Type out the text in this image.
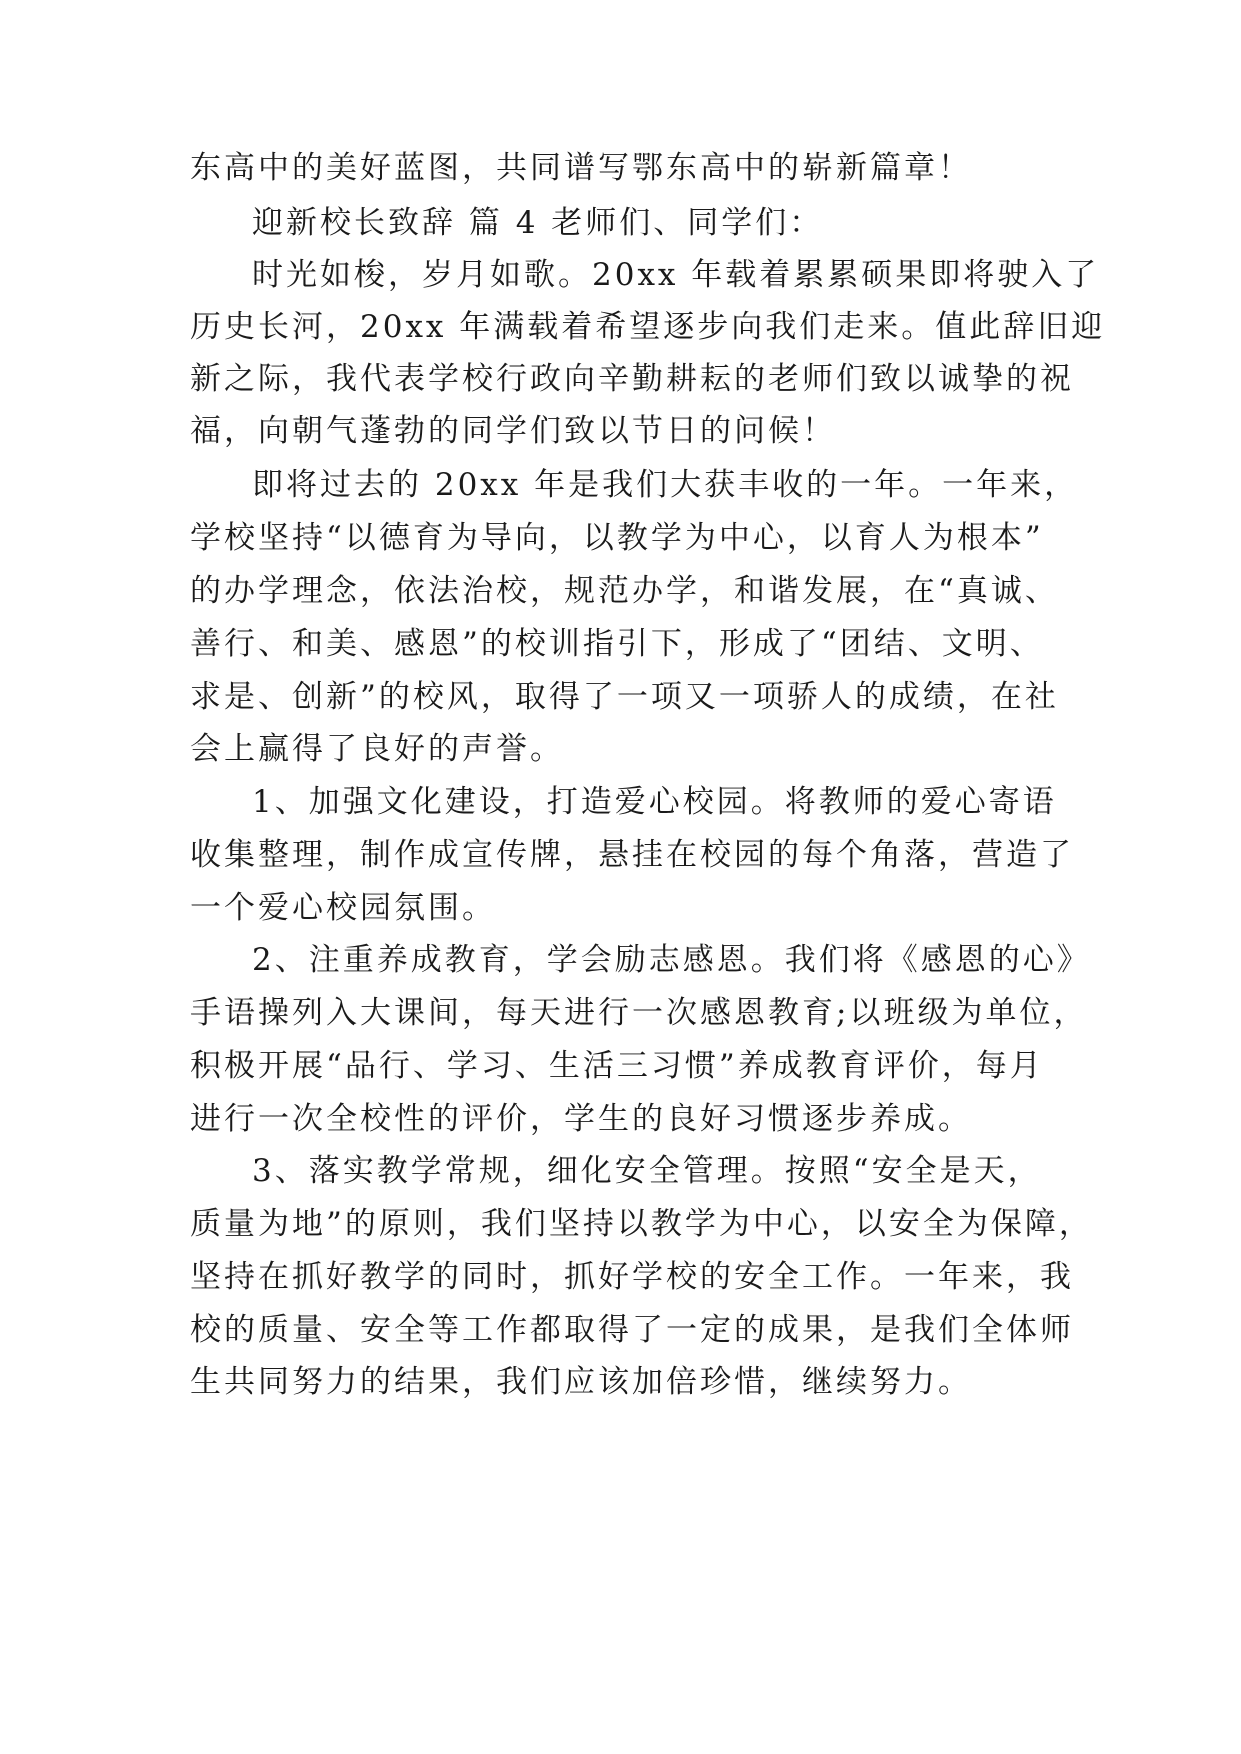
东高中的美好蓝图，共同谱写鄂东高中的崭新篇章！
迎新校长致辞 篇 4 老师们、同学们：
时光如梭，岁月如歌。20xx 年载着累累硕果即将驶入了
历史长河，20xx 年满载着希望逐步向我们走来。值此辞旧迎
新之际，我代表学校行政向辛勤耕耘的老师们致以诚挚的祝
福，向朝气蓬勃的同学们致以节日的问候！
即将过去的 20xx 年是我们大获丰收的一年。一年来，
学校坚持“以德育为导向，以教学为中心，以育人为根本”
的办学理念，依法治校，规范办学，和谐发展，在“真诚、
善行、和美、感恩”的校训指引下，形成了“团结、文明、
求是、创新”的校风，取得了一项又一项骄人的成绩，在社
会上赢得了良好的声誉。
1、加强文化建设，打造爱心校园。将教师的爱心寄语
收集整理，制作成宣传牌，悬挂在校园的每个角落，营造了
一个爱心校园氛围。
2、注重养成教育，学会励志感恩。我们将《感恩的心》
手语操列入大课间，每天进行一次感恩教育;以班级为单位，
积极开展“品行、学习、生活三习惯”养成教育评价，每月
进行一次全校性的评价，学生的良好习惯逐步养成。
3、落实教学常规，细化安全管理。按照“安全是天，
质量为地”的原则，我们坚持以教学为中心，以安全为保障，
坚持在抓好教学的同时，抓好学校的安全工作。一年来，我
校的质量、安全等工作都取得了一定的成果，是我们全体师
生共同努力的结果，我们应该加倍珍惜，继续努力。
